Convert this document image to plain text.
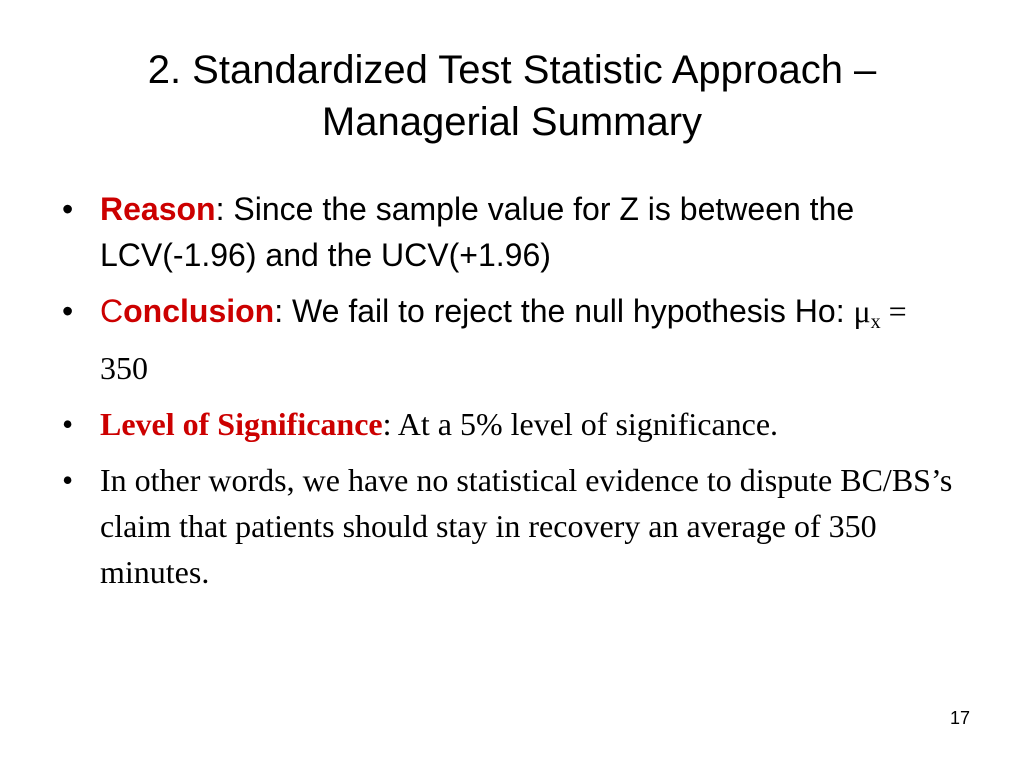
2. Standardized Test Statistic Approach –
Managerial Summary
• Reason: Since the sample value for Z is between the LCV(-1.96) and the UCV(+1.96)
• Conclusion: We fail to reject the null hypothesis Ho: $\mu_x = 350$
• Level of Significance: At a 5% level of significance.
• In other words, we have no statistical evidence to dispute BC/BS’s claim that patients should stay in recovery an average of 350 minutes.
17
